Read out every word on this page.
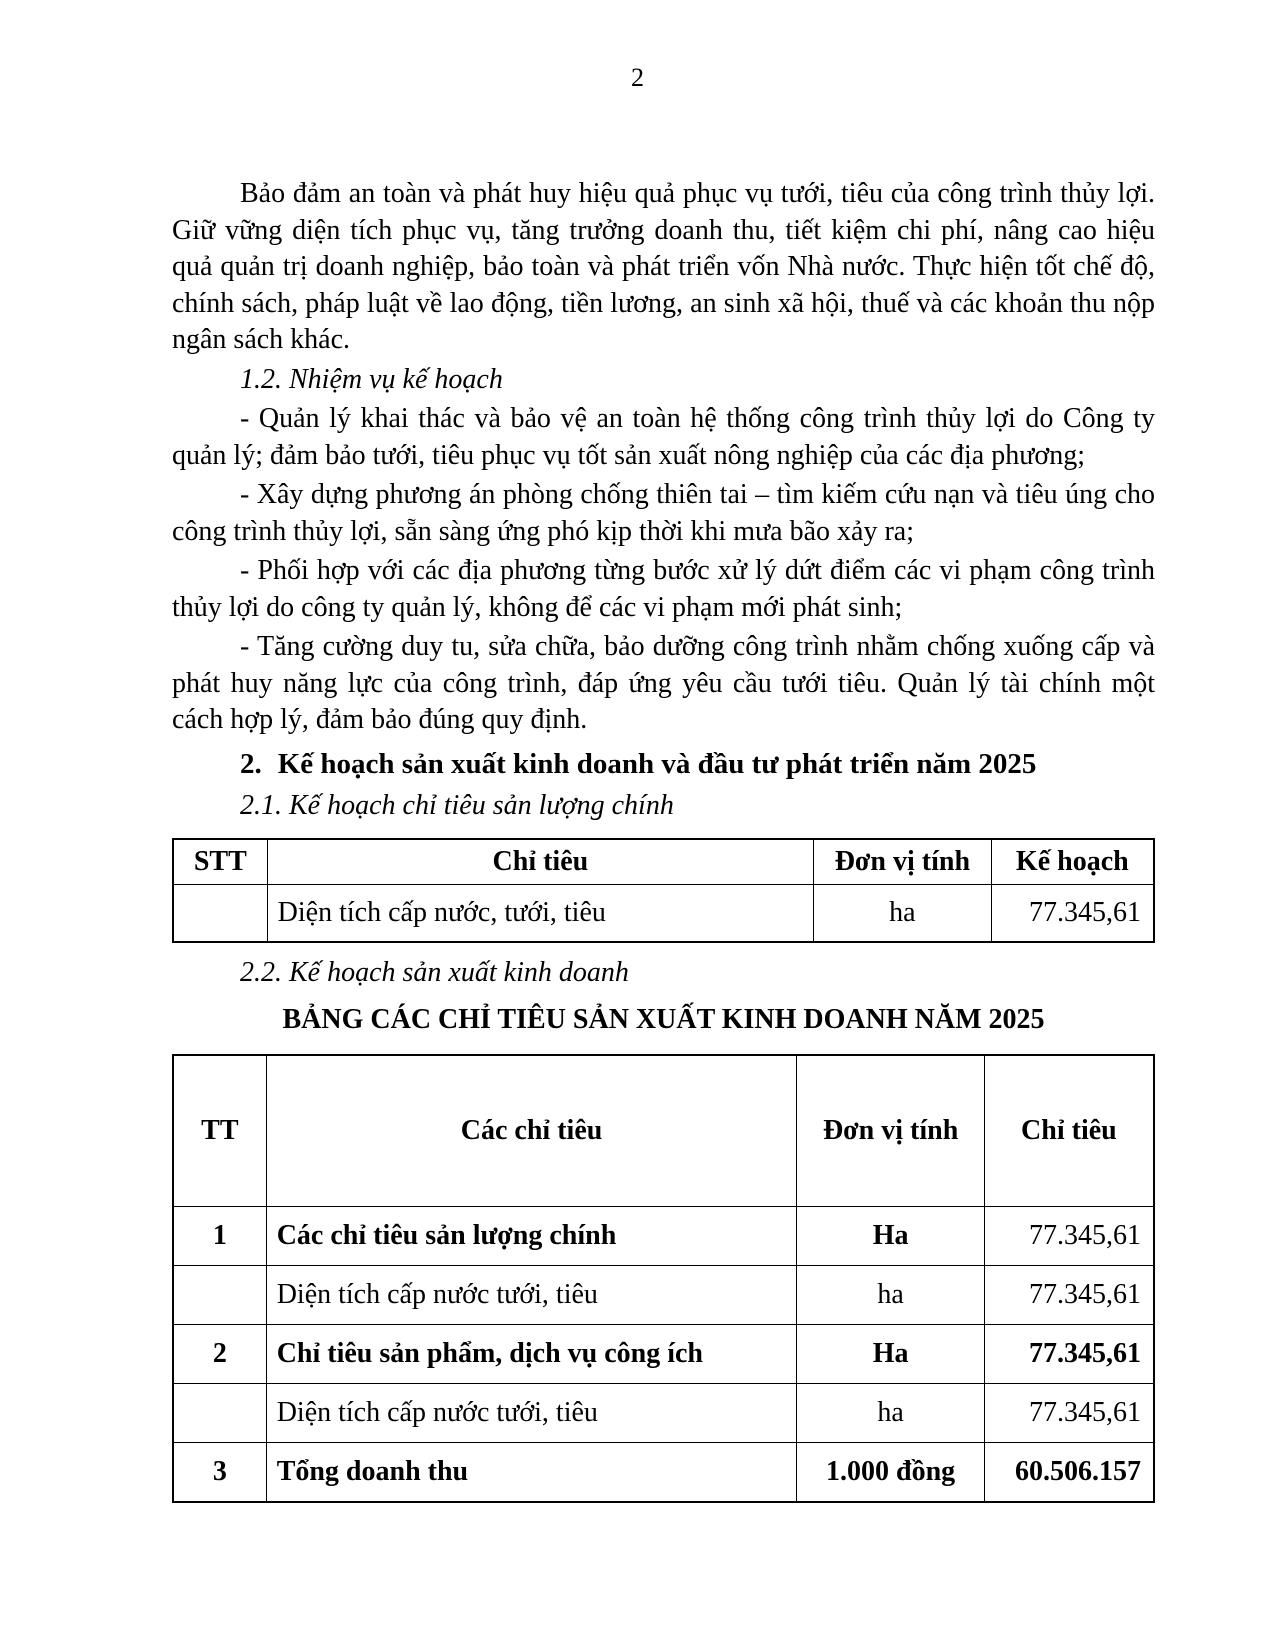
2

Bảo đảm an toàn và phát huy hiệu quả phục vụ tưới, tiêu của công trình thủy lợi. Giữ vững diện tích phục vụ, tăng trưởng doanh thu, tiết kiệm chi phí, nâng cao hiệu quả quản trị doanh nghiệp, bảo toàn và phát triển vốn Nhà nước. Thực hiện tốt chế độ, chính sách, pháp luật về lao động, tiền lương, an sinh xã hội, thuế và các khoản thu nộp ngân sách khác.

1.2. Nhiệm vụ kế hoạch

- Quản lý khai thác và bảo vệ an toàn hệ thống công trình thủy lợi do Công ty quản lý; đảm bảo tưới, tiêu phục vụ tốt sản xuất nông nghiệp của các địa phương;

- Xây dựng phương án phòng chống thiên tai – tìm kiếm cứu nạn và tiêu úng cho công trình thủy lợi, sẵn sàng ứng phó kịp thời khi mưa bão xảy ra;

- Phối hợp với các địa phương từng bước xử lý dứt điểm các vi phạm công trình thủy lợi do công ty quản lý, không để các vi phạm mới phát sinh;

- Tăng cường duy tu, sửa chữa, bảo dưỡng công trình nhằm chống xuống cấp và phát huy năng lực của công trình, đáp ứng yêu cầu tưới tiêu. Quản lý tài chính một cách hợp lý, đảm bảo đúng quy định.

2. Kế hoạch sản xuất kinh doanh và đầu tư phát triển năm 2025

2.1. Kế hoạch chỉ tiêu sản lượng chính

STT	Chỉ tiêu	Đơn vị tính	Kế hoạch
	Diện tích cấp nước, tưới, tiêu	ha	77.345,61

2.2. Kế hoạch sản xuất kinh doanh

BẢNG CÁC CHỈ TIÊU SẢN XUẤT KINH DOANH NĂM 2025

TT	Các chỉ tiêu	Đơn vị tính	Chỉ tiêu
1	Các chỉ tiêu sản lượng chính	Ha	77.345,61
	Diện tích cấp nước tưới, tiêu	ha	77.345,61
2	Chỉ tiêu sản phẩm, dịch vụ công ích	Ha	77.345,61
	Diện tích cấp nước tưới, tiêu	ha	77.345,61
3	Tổng doanh thu	1.000 đồng	60.506.157
